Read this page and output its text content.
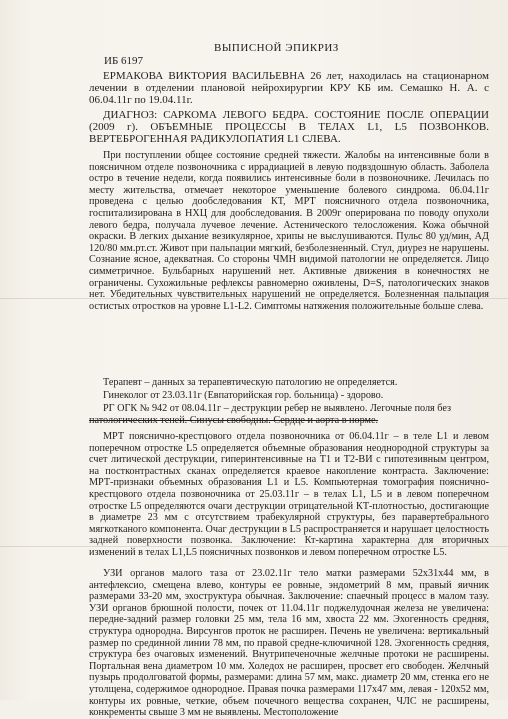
ВЫПИСНОЙ ЭПИКРИЗ
ИБ 6197

ЕРМАКОВА ВИКТОРИЯ ВАСИЛЬЕВНА 26 лет, находилась на стационарном лечении в отделении плановой нейрохирургии КРУ КБ им. Семашко Н. А. с 06.04.11г по 19.04.11г.

ДИАГНОЗ: САРКОМА ЛЕВОГО БЕДРА. СОСТОЯНИЕ ПОСЛЕ ОПЕРАЦИИ (2009 г). ОБЪЕМНЫЕ ПРОЦЕССЫ В ТЕЛАХ L1, L5 ПОЗВОНКОВ. ВЕРТЕБРОГЕННАЯ РАДИКУЛОПАТИЯ L1 СЛЕВА.

При поступлении общее состояние средней тяжести. Жалобы на интенсивные боли в поясничном отделе позвоночника с иррадиацией в левую подвздошную область. Заболела остро в течение недели, когда появились интенсивные боли в позвоночнике. Лечилась по месту жительства, отмечает некоторое уменьшение болевого синдрома. 06.04.11г проведена с целью дообследования КТ, МРТ поясничного отдела позвоночника, госпитализирована в НХЦ для дообследования. В 2009г оперирована по поводу опухоли левого бедра, получала лучевое лечение. Астенического телосложения. Кожа обычной окраски. В легких дыхание везикулярное, хрипы не выслушиваются. Пульс 80 уд/мин, АД 120/80 мм.рт.ст. Живот при пальпации мягкий, безболезненный. Стул, диурез не нарушены. Сознание ясное, адекватная. Со стороны ЧМН видимой патологии не определяется. Лицо симметричное. Бульбарных нарушений нет. Активные движения в конечностях не ограничены. Сухожильные рефлексы равномерно оживлены, D=S, патологических знаков нет. Убедительных чувствительных нарушений не определяется. Болезненная пальпация остистых отростков на уровне L1-L2. Симптомы натяжения положительные больше слева.

Терапевт – данных за терапевтическую патологию не определяется.

Гинеколог от 23.03.11г (Евпаторийская гор. больница) - здорово.

РГ ОГК № 942 от 08.04.11г – деструкции ребер не выявлено. Легочные поля без

патологических теней. Синусы свободны. Сердце и аорта в норме.

МРТ пояснично-крестцового отдела позвоночника от 06.04.11г – в теле L1 и левом поперечном отростке L5 определяется объемные образования неоднородной структуры за счет литической деструкции, гиперинтенсивные на Т1 и Т2-ВИ с гипотезивным центром, на постконтрастных сканах определяется краевое накопление контраста. Заключение: МРТ-признаки объемных образования L1 и L5. Компьютерная томография пояснично-крестцового отдела позвоночника от 25.03.11г – в телах L1, L5 и в левом поперечном отростке L5 определяются очаги деструкции отрицательной КТ-плотностью, достигающие в диаметре 23 мм с отсутствием трабекулярной структуры, без паравертебрального мягкотканого компонента. Очаг деструкции в L5 распространяется и нарушает целостность задней поверхности позвонка. Заключение: Кт-картина характерна для вторичных изменений в телах L1,L5 поясничных позвонков и левом поперечном отростке L5.

УЗИ органов малого таза от 23.02.11г тело матки размерами 52x31x44 мм, в антефлексио, смещена влево, контуры ее ровные, эндометрий 8 мм, правый яичник размерами 33-20 мм, эхоструктура обычная. Заключение: спаечный процесс в малом тазу. УЗИ органов брюшной полости, почек от 11.04.11г поджелудочная железа не увеличена: передне-задний размер головки 25 мм, тела 16 мм, хвоста 22 мм. Эхогенность средняя, структура однородна. Вирсунгов проток не расширен. Печень не увеличена: вертикальный размер по срединной линии 78 мм, по правой средне-ключичной 128. Эхогенность средняя, структура без очаговых изменений. Внутрипеченочные желчные протоки не расширены. Портальная вена диаметром 10 мм. Холедох не расширен, просвет его свободен. Желчный пузырь продолговатой формы, размерами: длина 57 мм, макс. диаметр 20 мм, стенка его не утолщена, содержимое однородное. Правая почка размерами 117x47 мм, левая - 120x52 мм, контуры их ровные, четкие, объем почечного вещества сохранен, ЧЛС не расширены, конкременты свыше 3 мм не выявлены. Местоположение
